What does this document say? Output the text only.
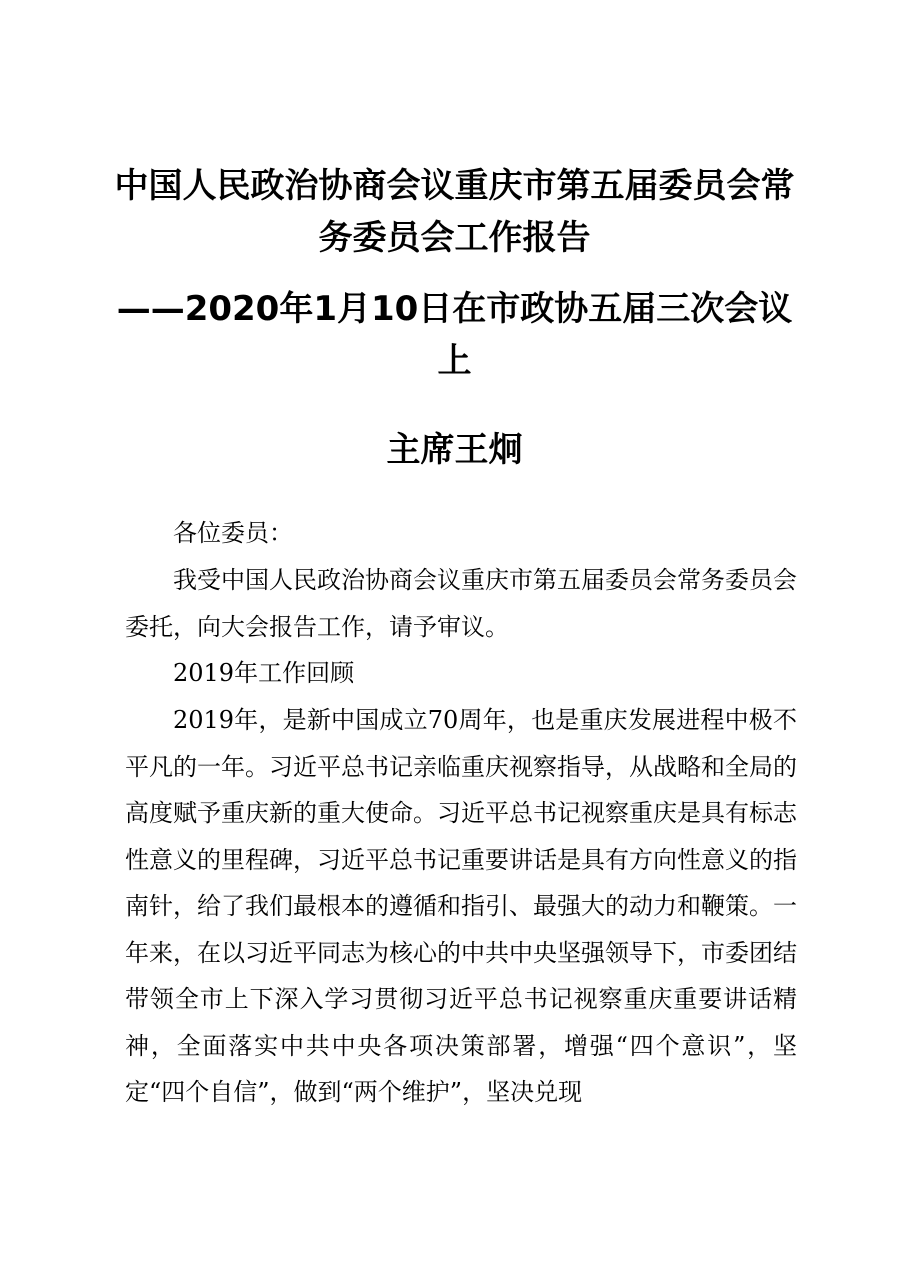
中国人民政治协商会议重庆市第五届委员会常务委员会工作报告
——2020年1月10日在市政协五届三次会议上
主席王炯

各位委员：

我受中国人民政治协商会议重庆市第五届委员会常务委员会委托，向大会报告工作，请予审议。

2019年工作回顾

2019年，是新中国成立70周年，也是重庆发展进程中极不平凡的一年。习近平总书记亲临重庆视察指导，从战略和全局的高度赋予重庆新的重大使命。习近平总书记视察重庆是具有标志性意义的里程碑，习近平总书记重要讲话是具有方向性意义的指南针，给了我们最根本的遵循和指引、最强大的动力和鞭策。一年来，在以习近平同志为核心的中共中央坚强领导下，市委团结带领全市上下深入学习贯彻习近平总书记视察重庆重要讲话精神，全面落实中共中央各项决策部署，增强“四个意识”，坚定“四个自信”，做到“两个维护”，坚决兑现
